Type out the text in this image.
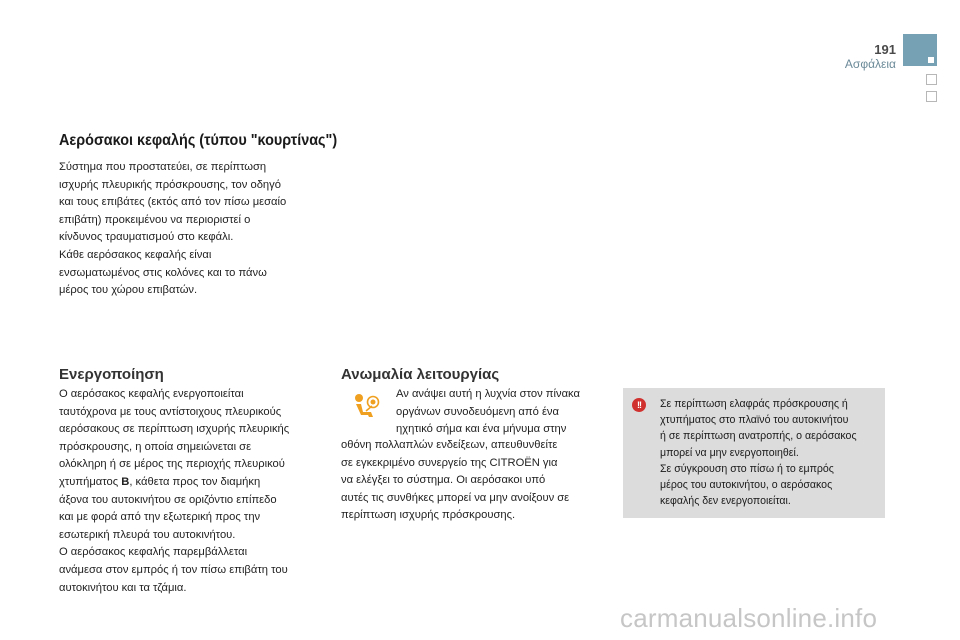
191
Ασφάλεια
Αερόσακοι κεφαλής (τύπου "κουρτίνας")

Σύστημα που προστατεύει, σε περίπτωση
ισχυρής πλευρικής πρόσκρουσης, τον οδηγό
και τους επιβάτες (εκτός από τον πίσω μεσαίο
επιβάτη) προκειμένου να περιοριστεί ο
κίνδυνος τραυματισμού στο κεφάλι.
Κάθε αερόσακος κεφαλής είναι
ενσωματωμένος στις κολόνες και το πάνω
μέρος του χώρου επιβατών.

Ενεργοποίηση

Ο αερόσακος κεφαλής ενεργοποιείται
ταυτόχρονα με τους αντίστοιχους πλευρικούς
αερόσακους σε περίπτωση ισχυρής πλευρικής
πρόσκρουσης, η οποία σημειώνεται σε
ολόκληρη ή σε μέρος της περιοχής πλευρικού
χτυπήματος B, κάθετα προς τον διαμήκη
άξονα του αυτοκινήτου σε οριζόντιο επίπεδο
και με φορά από την εξωτερική προς την
εσωτερική πλευρά του αυτοκινήτου.
Ο αερόσακος κεφαλής παρεμβάλλεται
ανάμεσα στον εμπρός ή τον πίσω επιβάτη του
αυτοκινήτου και τα τζάμια.

Ανωμαλία λειτουργίας

Αν ανάψει αυτή η λυχνία στον πίνακα
οργάνων συνοδευόμενη από ένα
ηχητικό σήμα και ένα μήνυμα στην

οθόνη πολλαπλών ενδείξεων, απευθυνθείτε
σε εγκεκριμένο συνεργείο της CITROËN για
να ελέγξει το σύστημα. Οι αερόσακοι υπό
αυτές τις συνθήκες μπορεί να μην ανοίξουν σε
περίπτωση ισχυρής πρόσκρουσης.

!!	Σε περίπτωση ελαφράς πρόσκρουσης ή
χτυπήματος στο πλαϊνό του αυτοκινήτου
ή σε περίπτωση ανατροπής, ο αερόσακος
μπορεί να μην ενεργοποιηθεί.
Σε σύγκρουση στο πίσω ή το εμπρός
μέρος του αυτοκινήτου, ο αερόσακος
κεφαλής δεν ενεργοποιείται.

carmanualsonline.info
